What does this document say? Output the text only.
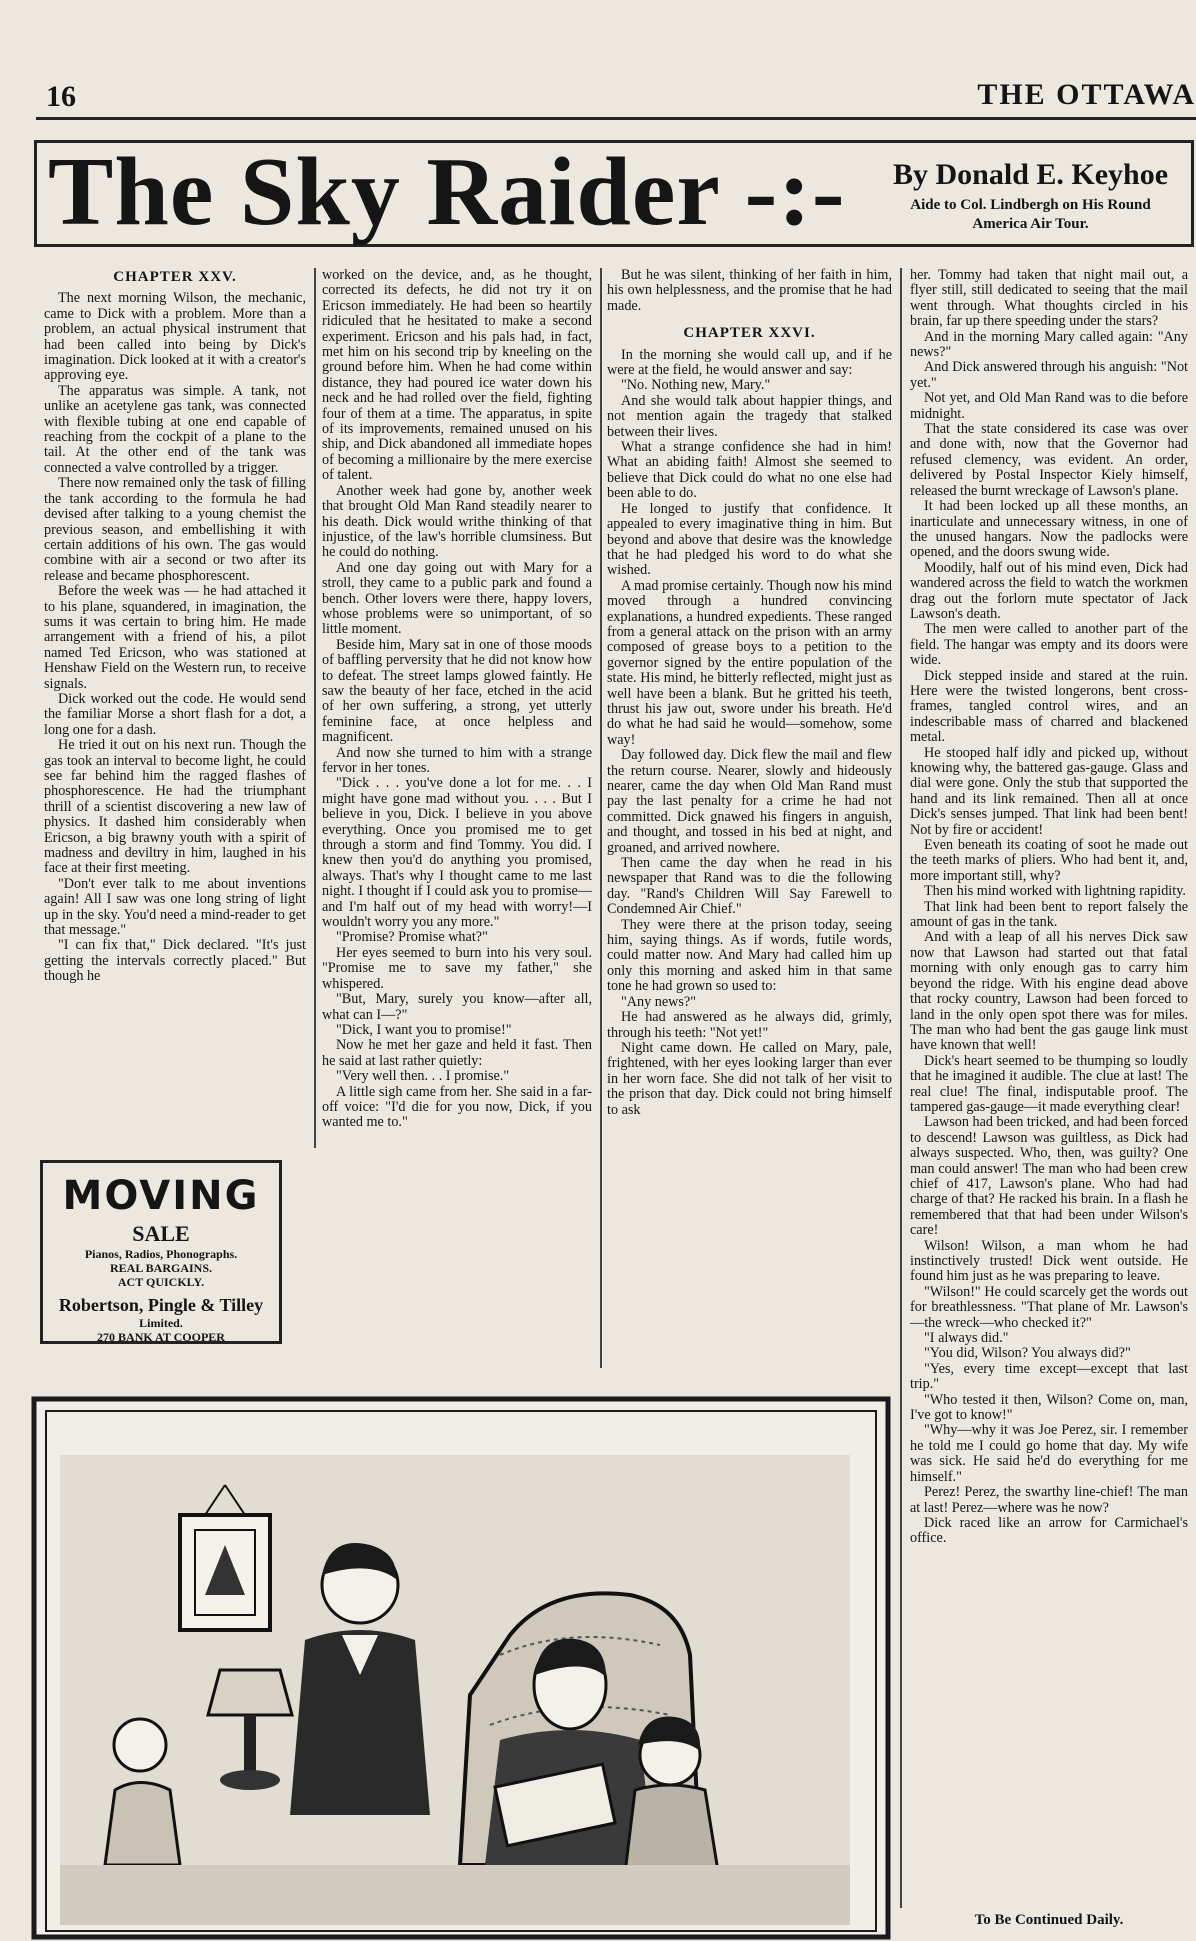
16	THE OTTAWA
The Sky Raider -:- By Donald E. Keyhoe
Aide to Col. Lindbergh on His Round America Air Tour.

CHAPTER XXV.

The next morning Wilson, the mechanic, came to Dick with a problem. More than a problem, an actual physical instrument that had been called into being by Dick's imagination. Dick looked at it with a creator's approving eye.

The apparatus was simple. A tank, not unlike an acetylene gas tank, was connected with flexible tubing at one end capable of reaching from the cockpit of a plane to the tail. At the other end of the tank was connected a valve controlled by a trigger.

There now remained only the task of filling the tank according to the formula he had devised after talking to a young chemist the previous season, and embellishing it with certain additions of his own. The gas would combine with air a second or two after its release and became phosphorescent.

Before the week was — he had attached it to his plane, squandered, in imagination, the sums it was certain to bring him. He made arrangement with a friend of his, a pilot named Ted Ericson, who was stationed at Henshaw Field on the Western run, to receive signals.

Dick worked out the code. He would send the familiar Morse a short flash for a dot, a long one for a dash.

He tried it out on his next run. Though the gas took an interval to become light, he could see far behind him the ragged flashes of phosphorescence. He had the triumphant thrill of a scientist discovering a new law of physics. It dashed him considerably when Ericson, a big brawny youth with a spirit of madness and deviltry in him, laughed in his face at their first meeting.

"Don't ever talk to me about inventions again! All I saw was one long string of light up in the sky. You'd need a mind-reader to get that message."

"I can fix that," Dick declared. "It's just getting the intervals correctly placed." But though he

worked on the device, and, as he thought, corrected its defects, he did not try it on Ericson immediately. He had been so heartily ridiculed that he hesitated to make a second experiment. Ericson and his pals had, in fact, met him on his second trip by kneeling on the ground before him. When he had come within distance, they had poured ice water down his neck and he had rolled over the field, fighting four of them at a time. The apparatus, in spite of its improvements, remained unused on his ship, and Dick abandoned all immediate hopes of becoming a millionaire by the mere exercise of talent.

Another week had gone by, another week that brought Old Man Rand steadily nearer to his death. Dick would writhe thinking of that injustice, of the law's horrible clumsiness. But he could do nothing.

And one day going out with Mary for a stroll, they came to a public park and found a bench. Other lovers were there, happy lovers, whose problems were so unimportant, of so little moment.

Beside him, Mary sat in one of those moods of baffling perversity that he did not know how to defeat. The street lamps glowed faintly. He saw the beauty of her face, etched in the acid of her own suffering, a strong, yet utterly feminine face, at once helpless and magnificent.

And now she turned to him with a strange fervor in her tones.

"Dick . . . you've done a lot for me. . . I might have gone mad without you. . . . But I believe in you, Dick. I believe in you above everything. Once you promised me to get through a storm and find Tommy. You did. I knew then you'd do anything you promised, always. That's why I thought came to me last night. I thought if I could ask you to promise—and I'm half out of my head with worry!—I wouldn't worry you any more."

"Promise? Promise what?"

Her eyes seemed to burn into his very soul. "Promise me to save my father," she whispered.

"But, Mary, surely you know—after all, what can I—?"

"Dick, I want you to promise!"

Now he met her gaze and held it fast. Then he said at last rather quietly:

"Very well then. . . I promise."

A little sigh came from her. She said in a far-off voice: "I'd die for you now, Dick, if you wanted me to."

But he was silent, thinking of her faith in him, his own helplessness, and the promise that he had made.

CHAPTER XXVI.

In the morning she would call up, and if he were at the field, he would answer and say:

"No. Nothing new, Mary."

And she would talk about happier things, and not mention again the tragedy that stalked between their lives.

What a strange confidence she had in him! What an abiding faith! Almost she seemed to believe that Dick could do what no one else had been able to do.

He longed to justify that confidence. It appealed to every imaginative thing in him. But beyond and above that desire was the knowledge that he had pledged his word to do what she wished.

A mad promise certainly. Though now his mind moved through a hundred convincing explanations, a hundred expedients. These ranged from a general attack on the prison with an army composed of grease boys to a petition to the governor signed by the entire population of the state. His mind, he bitterly reflected, might just as well have been a blank. But he gritted his teeth, thrust his jaw out, swore under his breath. He'd do what he had said he would—somehow, some way!

Day followed day. Dick flew the mail and flew the return course. Nearer, slowly and hideously nearer, came the day when Old Man Rand must pay the last penalty for a crime he had not committed. Dick gnawed his fingers in anguish, and thought, and tossed in his bed at night, and groaned, and arrived nowhere.

Then came the day when he read in his newspaper that Rand was to die the following day. "Rand's Children Will Say Farewell to Condemned Air Chief."

They were there at the prison today, seeing him, saying things. As if words, futile words, could matter now. And Mary had called him up only this morning and asked him in that same tone he had grown so used to:

"Any news?"

He had answered as he always did, grimly, through his teeth: "Not yet!"

Night came down. He called on Mary, pale, frightened, with her eyes looking larger than ever in her worn face. She did not talk of her visit to the prison that day. Dick could not bring himself to ask

her. Tommy had taken that night mail out, a flyer still, still dedicated to seeing that the mail went through. What thoughts circled in his brain, far up there speeding under the stars?

And in the morning Mary called again: "Any news?"

And Dick answered through his anguish: "Not yet."

Not yet, and Old Man Rand was to die before midnight.

That the state considered its case was over and done with, now that the Governor had refused clemency, was evident. An order, delivered by Postal Inspector Kiely himself, released the burnt wreckage of Lawson's plane.

It had been locked up all these months, an inarticulate and unnecessary witness, in one of the unused hangars. Now the padlocks were opened, and the doors swung wide.

Moodily, half out of his mind even, Dick had wandered across the field to watch the workmen drag out the forlorn mute spectator of Jack Lawson's death.

The men were called to another part of the field. The hangar was empty and its doors were wide.

Dick stepped inside and stared at the ruin. Here were the twisted longerons, bent cross-frames, tangled control wires, and an indescribable mass of charred and blackened metal.

He stooped half idly and picked up, without knowing why, the battered gas-gauge. Glass and dial were gone. Only the stub that supported the hand and its link remained. Then all at once Dick's senses jumped. That link had been bent! Not by fire or accident!

Even beneath its coating of soot he made out the teeth marks of pliers. Who had bent it, and, more important still, why?

Then his mind worked with lightning rapidity.

That link had been bent to report falsely the amount of gas in the tank.

And with a leap of all his nerves Dick saw now that Lawson had started out that fatal morning with only enough gas to carry him beyond the ridge. With his engine dead above that rocky country, Lawson had been forced to land in the only open spot there was for miles. The man who had bent the gas gauge link must have known that well!

Dick's heart seemed to be thumping so loudly that he imagined it audible. The clue at last! The real clue! The final, indisputable proof. The tampered gas-gauge—it made everything clear!

Lawson had been tricked, and had been forced to descend! Lawson was guiltless, as Dick had always suspected. Who, then, was guilty? One man could answer! The man who had been crew chief of 417, Lawson's plane. Who had had charge of that? He racked his brain. In a flash he remembered that that had been under Wilson's care!

Wilson! Wilson, a man whom he had instinctively trusted! Dick went outside. He found him just as he was preparing to leave.

"Wilson!" He could scarcely get the words out for breathlessness. "That plane of Mr. Lawson's—the wreck—who checked it?"

"I always did."

"You did, Wilson? You always did?"

"Yes, every time except—except that last trip."

"Who tested it then, Wilson? Come on, man, I've got to know!"

"Why—why it was Joe Perez, sir. I remember he told me I could go home that day. My wife was sick. He said he'd do everything for me himself."

Perez! Perez, the swarthy line-chief! The man at last! Perez—where was he now?

Dick raced like an arrow for Carmichael's office.

To Be Continued Daily.
MOVING
SALE
Pianos, Radios, Phonographs.
REAL BARGAINS.
ACT QUICKLY.
Robertson, Pingle & Tilley
Limited.
270 BANK AT COOPER
